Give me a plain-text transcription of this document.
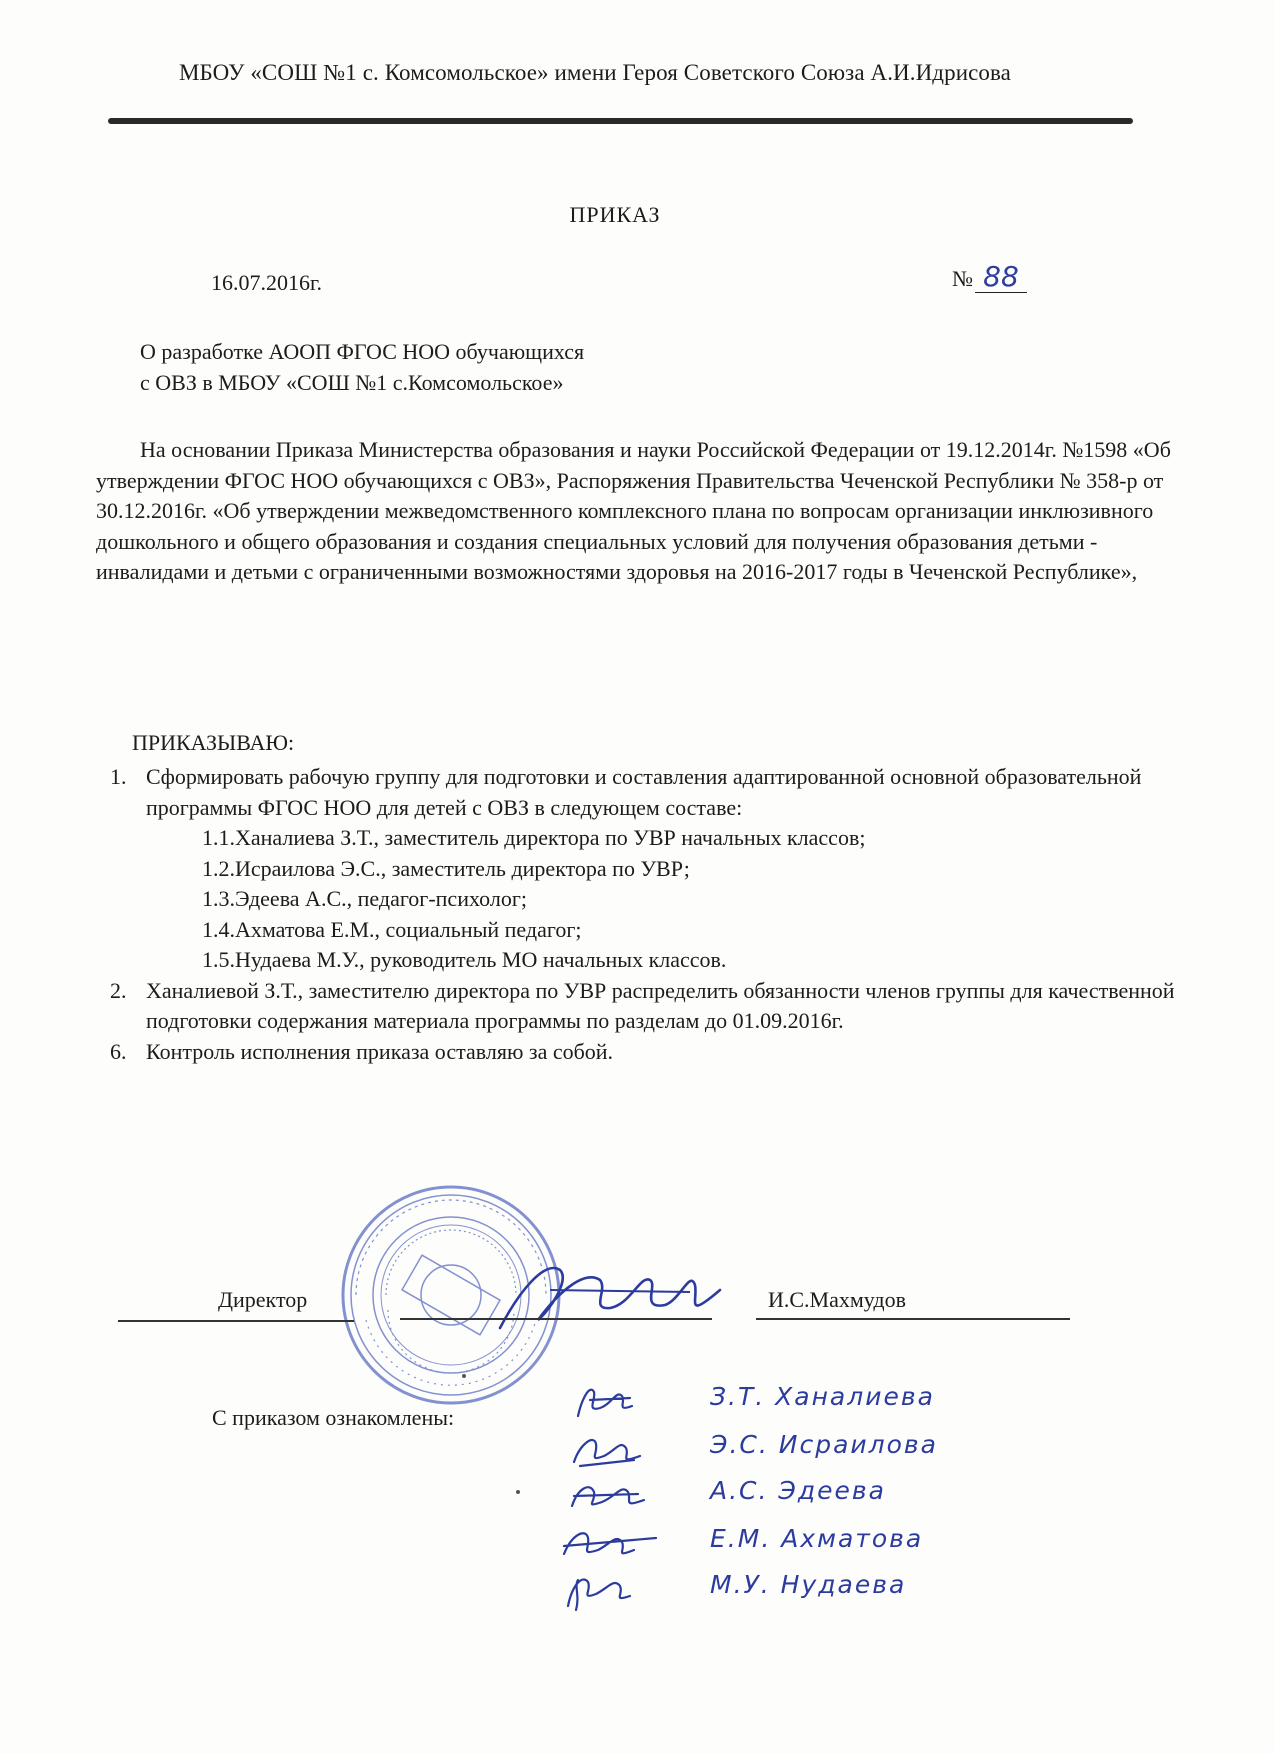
МБОУ «СОШ №1 с. Комсомольское» имени Героя Советского Союза А.И.Идрисова
ПРИКАЗ
16.07.2016г.	№ 88
О разработке АООП ФГОС НОО обучающихся
с ОВЗ в МБОУ «СОШ №1 с.Комсомольское»
На основании Приказа Министерства образования и науки Российской Федерации от 19.12.2014г. №1598 «Об утверждении ФГОС НОО обучающихся с ОВЗ», Распоряжения Правительства Чеченской Республики № 358-р от 30.12.2016г. «Об утверждении межведомственного комплексного плана по вопросам организации инклюзивного дошкольного и общего образования и создания специальных условий для получения образования детьми - инвалидами и детьми с ограниченными возможностями здоровья на 2016-2017 годы в Чеченской Республике»,
ПРИКАЗЫВАЮ:
1. Сформировать рабочую группу для подготовки и составления адаптированной основной образовательной программы ФГОС НОО для детей с ОВЗ в следующем составе:
1.1.Ханалиева З.Т., заместитель директора по УВР начальных классов;
1.2.Исраилова Э.С., заместитель директора по УВР;
1.3.Эдеева А.С., педагог-психолог;
1.4.Ахматова Е.М., социальный педагог;
1.5.Нудаева М.У., руководитель МО начальных классов.
2. Ханалиевой З.Т., заместителю директора по УВР распределить обязанности членов группы для качественной подготовки содержания материала программы по разделам до 01.09.2016г.
6. Контроль исполнения приказа оставляю за собой.
Директор	И.С.Махмудов
С приказом ознакомлены:
З.Т. Ханалиева
Э.С. Исраилова
А.С. Эдеева
Е.М. Ахматова
М.У. Нудаева
